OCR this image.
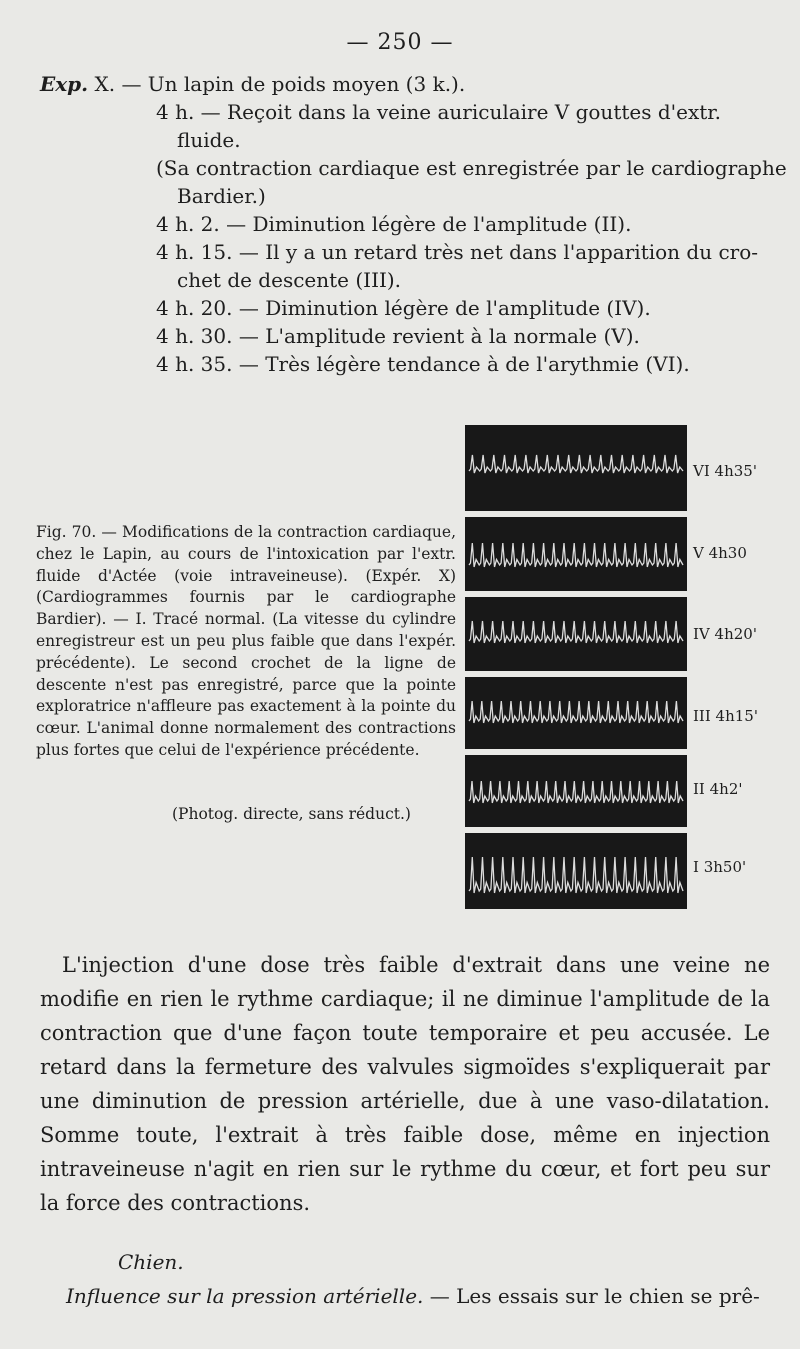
— 250 —
Exp. X. — Un lapin de poids moyen (3 k.).
4 h. — Reçoit dans la veine auriculaire V gouttes d'extr.
fluide.
(Sa contraction cardiaque est enregistrée par le cardiographe
Bardier.)
4 h. 2. — Diminution légère de l'amplitude (II).
4 h. 15. — Il y a un retard très net dans l'apparition du cro-
chet de descente (III).
4 h. 20. — Diminution légère de l'amplitude (IV).
4 h. 30. — L'amplitude revient à la normale (V).
4 h. 35. — Très légère tendance à de l'arythmie (VI).
VI 4h35'
V 4h30
IV 4h20'
III 4h15'
II 4h2'
I 3h50'
Fig. 70. — Modifications de la contraction cardiaque, chez le Lapin, au cours de l'intoxication par l'extr. fluide d'Actée (voie intraveineuse). (Expér. X) (Cardiogrammes fournis par le cardiographe Bardier). — I. Tracé normal. (La vitesse du cylindre enregistreur est un peu plus faible que dans l'expér. précédente). Le second crochet de la ligne de descente n'est pas enregistré, parce que la pointe exploratrice n'affleure pas exactement à la pointe du cœur. L'animal donne normalement des contractions plus fortes que celui de l'expérience précédente.
(Photog. directe, sans réduct.)

L'injection d'une dose très faible d'extrait dans une veine ne modifie en rien le rythme cardiaque; il ne diminue l'amplitude de la contraction que d'une façon toute temporaire et peu accusée. Le retard dans la fermeture des valvules sigmoïdes s'expliquerait par une diminution de pression artérielle, due à une vaso-dilatation. Somme toute, l'extrait à très faible dose, même en injection intraveineuse n'agit en rien sur le rythme du cœur, et fort peu sur la force des contractions.

Chien.
Influence sur la pression artérielle. — Les essais sur le chien se prê-
